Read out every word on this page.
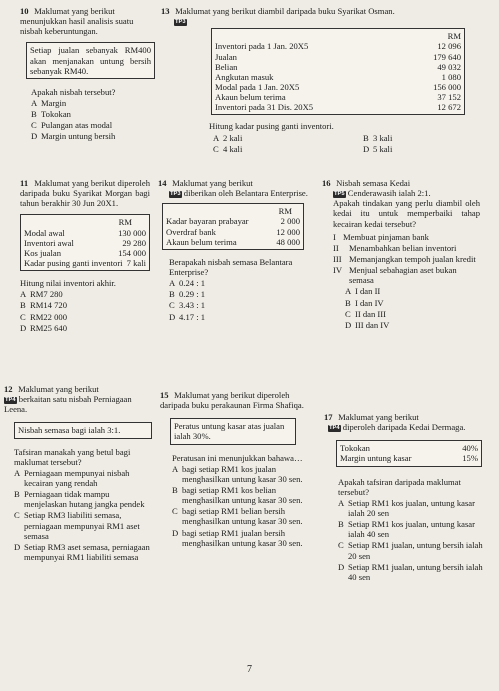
10 Maklumat yang berikut menunjukkan hasil analisis suatu nisbah keberuntungan.

Setiap jualan sebanyak RM400 akan menjanakan untung bersih sebanyak RM40.

Apakah nisbah tersebut?

A Margin
B Tokokan
C Pulangan atas modal
D Margin untung bersih

13 Maklumat yang berikut diambil daripada buku Syarikat Osman.

TP3
RM
Inventori pada 1 Jan. 20X5	12 096
Jualan	179 640
Belian	49 032
Angkutan masuk	1 080
Modal pada 1 Jan. 20X5	156 000
Akaun belum terima	37 152
Inventori pada 31 Dis. 20X5	12 672

Hitung kadar pusing ganti inventori.

A 2 kali	B 3 kali
C 4 kali	D 5 kali

11 Maklumat yang berikut diperoleh daripada buku Syarikat Morgan bagi tahun berakhir 30 Jun 20X1.

RM
Modal awal	130 000
Inventori awal	29 280
Kos jualan	154 000
Kadar pusing ganti inventori 7 kali

Hitung nilai inventori akhir.

A RM7 280
B RM14 720
C RM22 000
D RM25 640

14 Maklumat yang berikut

TP3 diberikan oleh Belantara Enterprise.

RM
Kadar bayaran prabayar	2 000
Overdraf bank	12 000
Akaun belum terima	48 000

Berapakah nisbah semasa Belantara Enterprise?

A 0.24 : 1
B 0.29 : 1
C 3.43 : 1
D 4.17 : 1

16 Nisbah semasa Kedai

TP5 Cenderawasih ialah 2:1.

Apakah tindakan yang perlu diambil oleh kedai itu untuk memperbaiki tahap kecairan kedai tersebut?

I Membuat pinjaman bank
II	Menambahkan belian inventori
III Memanjangkan tempoh jualan kredit
IV Menjual sebahagian aset bukan semasa
A I dan II
B I dan IV
C II dan III
D III dan IV

12 Maklumat yang berikut

TP4 berkaitan satu nisbah Perniagaan Leena.

Nisbah semasa bagi ialah 3:1.

Tafsiran manakah yang betul bagi maklumat tersebut?

A Perniagaan mempunyai nisbah kecairan yang rendah
B Perniagaan tidak mampu menjelaskan hutang jangka pendek
C Setiap RM3 liabiliti semasa, perniagaan mempunyai RM1 aset semasa
D Setiap RM3 aset semasa, perniagaan mempunyai RM1 liabiliti semasa

15 Maklumat yang berikut diperoleh daripada buku perakaunan Firma Shafiqa.

Peratus untung kasar atas jualan ialah 30%.

Peratusan ini menunjukkan bahawa…

A bagi setiap RM1 kos jualan menghasilkan untung kasar 30 sen.
B bagi setiap RM1 kos belian menghasilkan untung kasar 30 sen.
C bagi setiap RM1 belian bersih menghasilkan untung kasar 30 sen.
D bagi setiap RM1 jualan bersih menghasilkan untung kasar 30 sen.

17 Maklumat yang berikut

TP4 diperoleh daripada Kedai Dermaga.

Tokokan	40%
Margin untung kasar	15%

Apakah tafsiran daripada maklumat tersebut?

A Setiap RM1 kos jualan, untung kasar ialah 20 sen
B Setiap RM1 kos jualan, untung kasar ialah 40 sen
C Setiap RM1 jualan, untung bersih ialah 20 sen
D Setiap RM1 jualan, untung bersih ialah 40 sen
7
